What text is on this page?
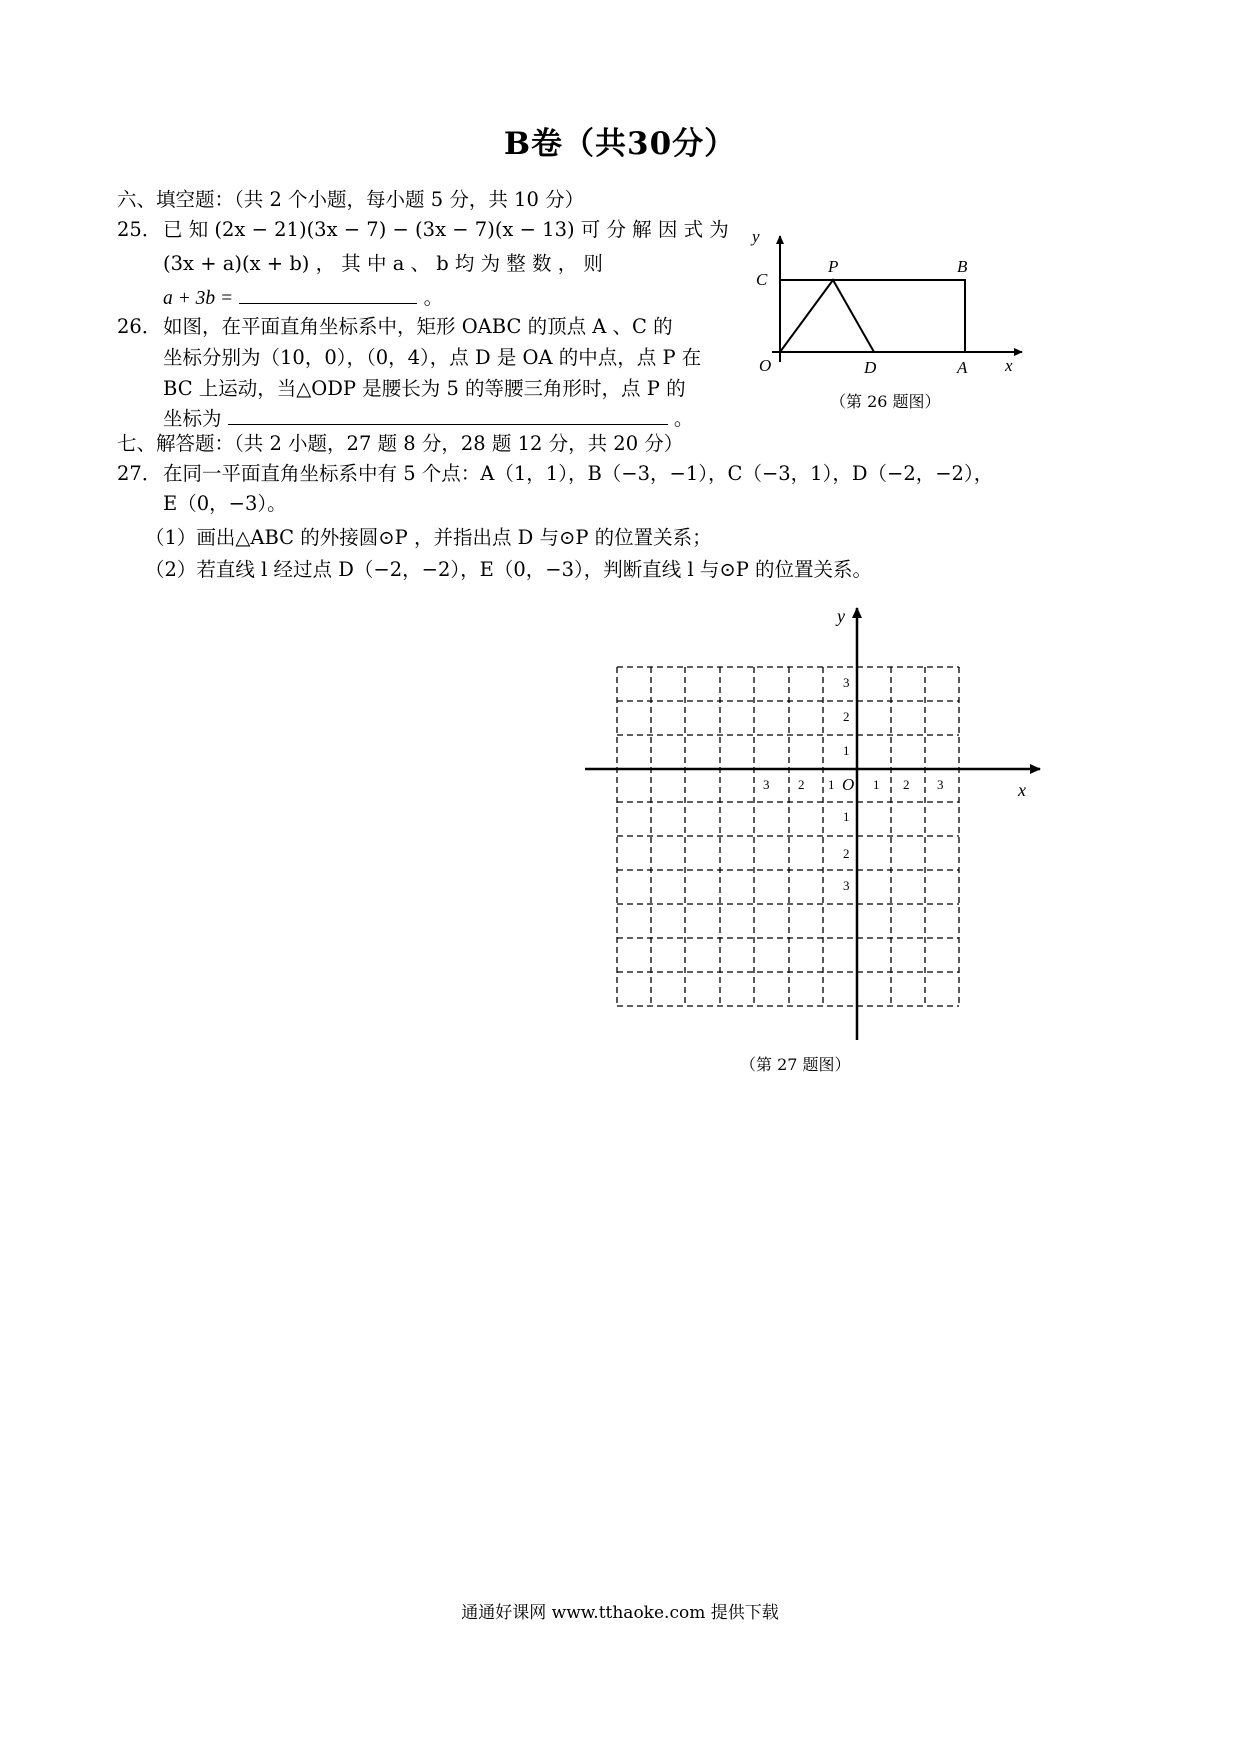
B卷（共30分）
六、填空题：（共 2 个小题，每小题 5 分，共 10 分）
25． 已 知 (2x − 21)(3x − 7) − (3x − 7)(x − 13) 可 分 解 因 式 为
(3x + a)(x + b) ， 其 中 a 、 b 均 为 整 数 ， 则
a + 3b =	。
26． 如图，在平面直角坐标系中，矩形 OABC 的顶点 A 、C 的
坐标分别为（10，0），（0，4），点 D 是 OA 的中点，点 P 在
BC 上运动，当△ODP 是腰长为 5 的等腰三角形时，点 P 的
坐标为	。
y
C
P	B
O	D	A x
（第 26 题图）
七、解答题：（共 2 小题，27 题 8 分，28 题 12 分，共 20 分）
27． 在同一平面直角坐标系中有 5 个点：A（1，1），B（−3，−1），C（−3，1），D（−2，−2），
E（0，−3）。
（1）画出△ABC 的外接圆⊙P ，并指出点 D 与⊙P 的位置关系；
（2）若直线 l 经过点 D（−2，−2），E（0，−3），判断直线 l 与⊙P 的位置关系。
y
x
O
3 2 1	1 2 3
3
2
1
1
2
3
（第 27 题图）
通通好课网 www.tthaoke.com 提供下载
